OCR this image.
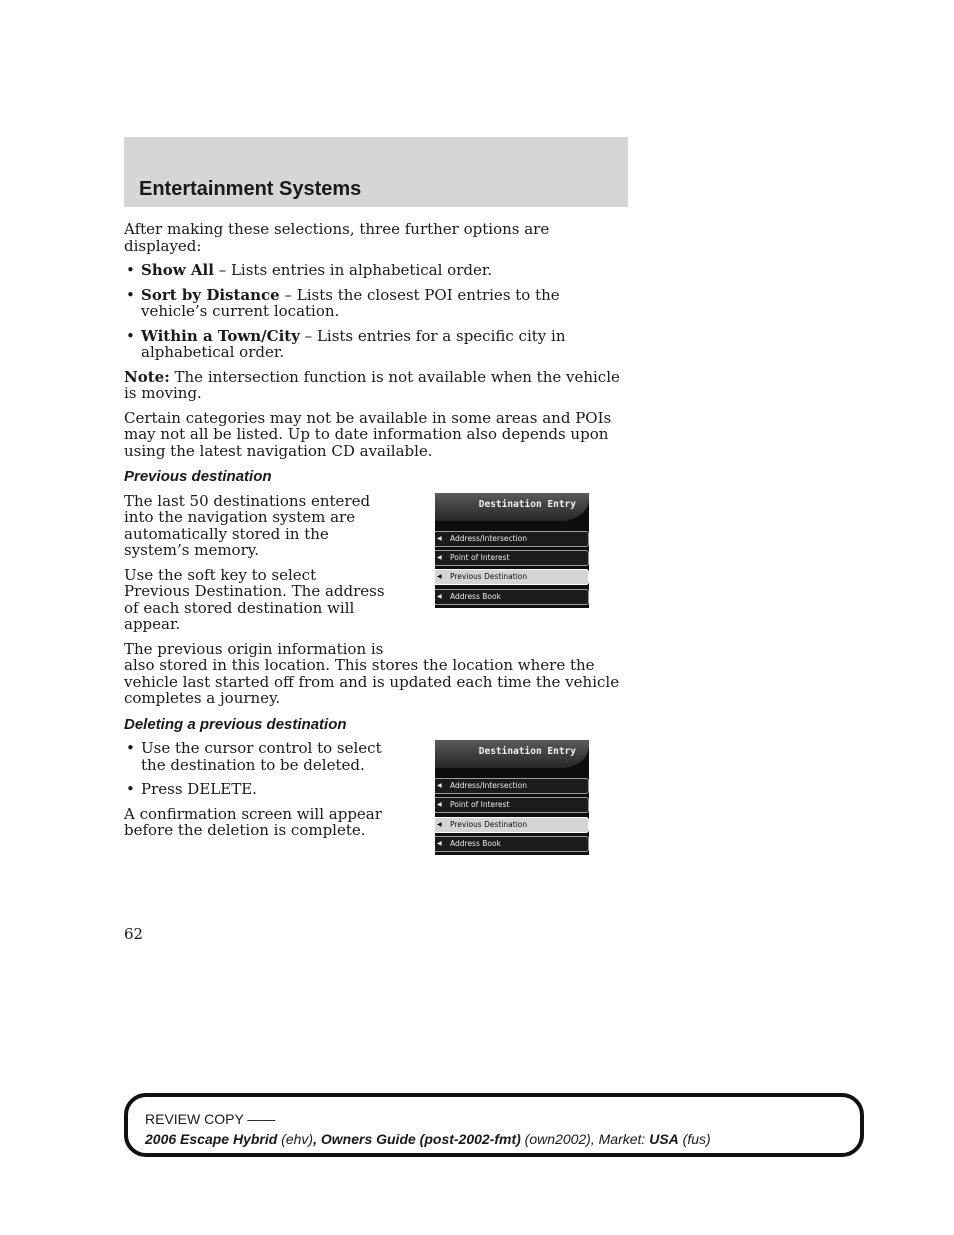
Entertainment Systems

After making these selections, three further options are displayed:

• Show All – Lists entries in alphabetical order.
• Sort by Distance – Lists the closest POI entries to the vehicle’s current location.
• Within a Town/City – Lists entries for a specific city in alphabetical order.

Note: The intersection function is not available when the vehicle is moving.

Certain categories may not be available in some areas and POIs may not all be listed. Up to date information also depends upon using the latest navigation CD available.

Previous destination
Destination Entry
◀ Address/Intersection
◀ Point of Interest
◀ Previous Destination
◀ Address Book

The last 50 destinations entered into the navigation system are automatically stored in the system’s memory.

Use the soft key to select Previous Destination. The address of each stored destination will appear.

The previous origin information is
also stored in this location. This stores the location where the vehicle last started off from and is updated each time the vehicle completes a journey.

Deleting a previous destination
Destination Entry
◀ Address/Intersection
◀ Point of Interest
◀ Previous Destination
◀ Address Book
• Use the cursor control to select the destination to be deleted.
• Press DELETE.

A confirmation screen will appear before the deletion is complete.

62

REVIEW COPY ——
2006 Escape Hybrid (ehv), Owners Guide (post-2002-fmt) (own2002), Market: USA (fus)
